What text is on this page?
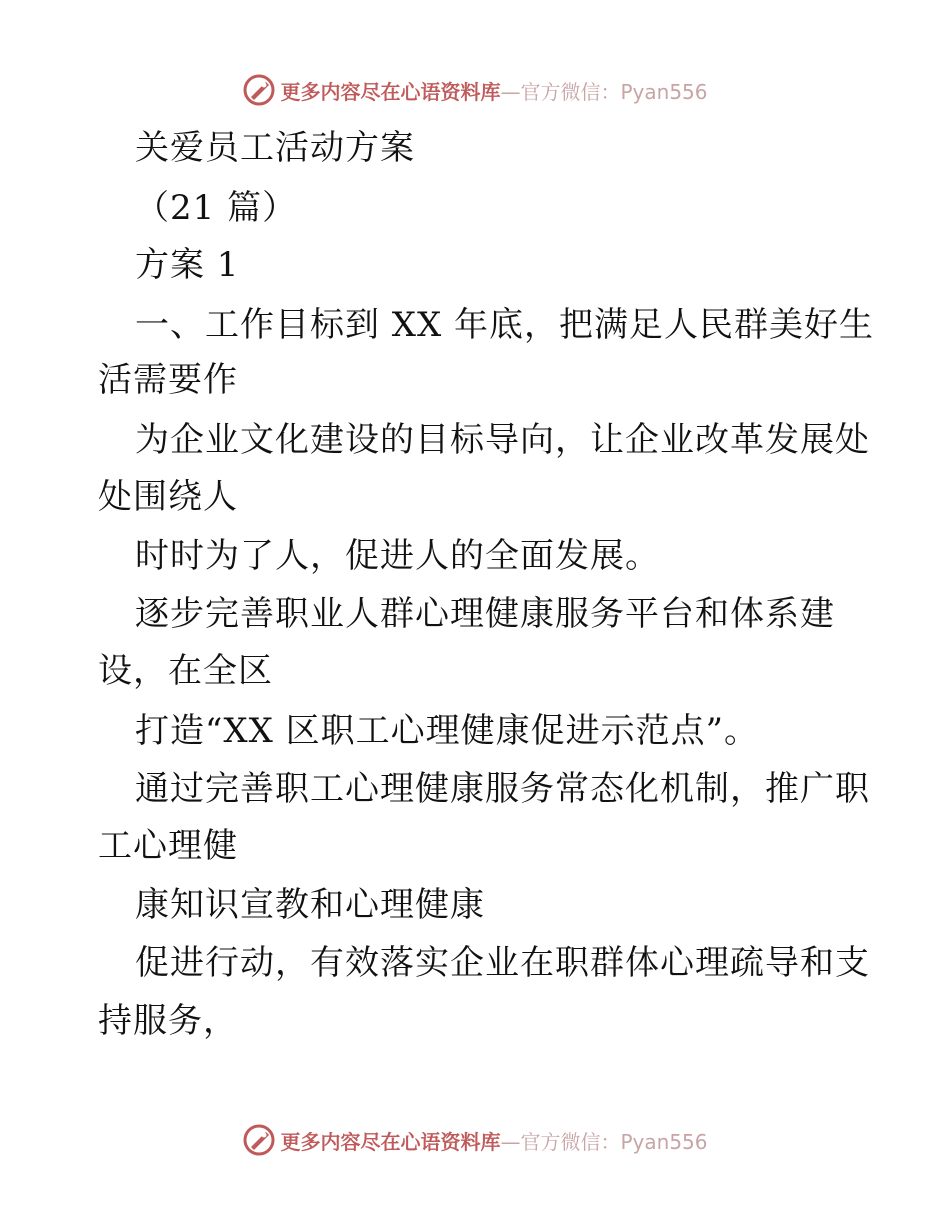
更多内容尽在心语资料库—官方微信：Pyan556
关爱员工活动方案
（21 篇）
方案 1
一、工作目标到 XX 年底，把满足人民群美好生
活需要作
为企业文化建设的目标导向，让企业改革发展处
处围绕人
时时为了人，促进人的全面发展。
逐步完善职业人群心理健康服务平台和体系建
设，在全区
打造“XX 区职工心理健康促进示范点”。
通过完善职工心理健康服务常态化机制，推广职
工心理健
康知识宣教和心理健康
促进行动，有效落实企业在职群体心理疏导和支
持服务，
更多内容尽在心语资料库—官方微信：Pyan556
